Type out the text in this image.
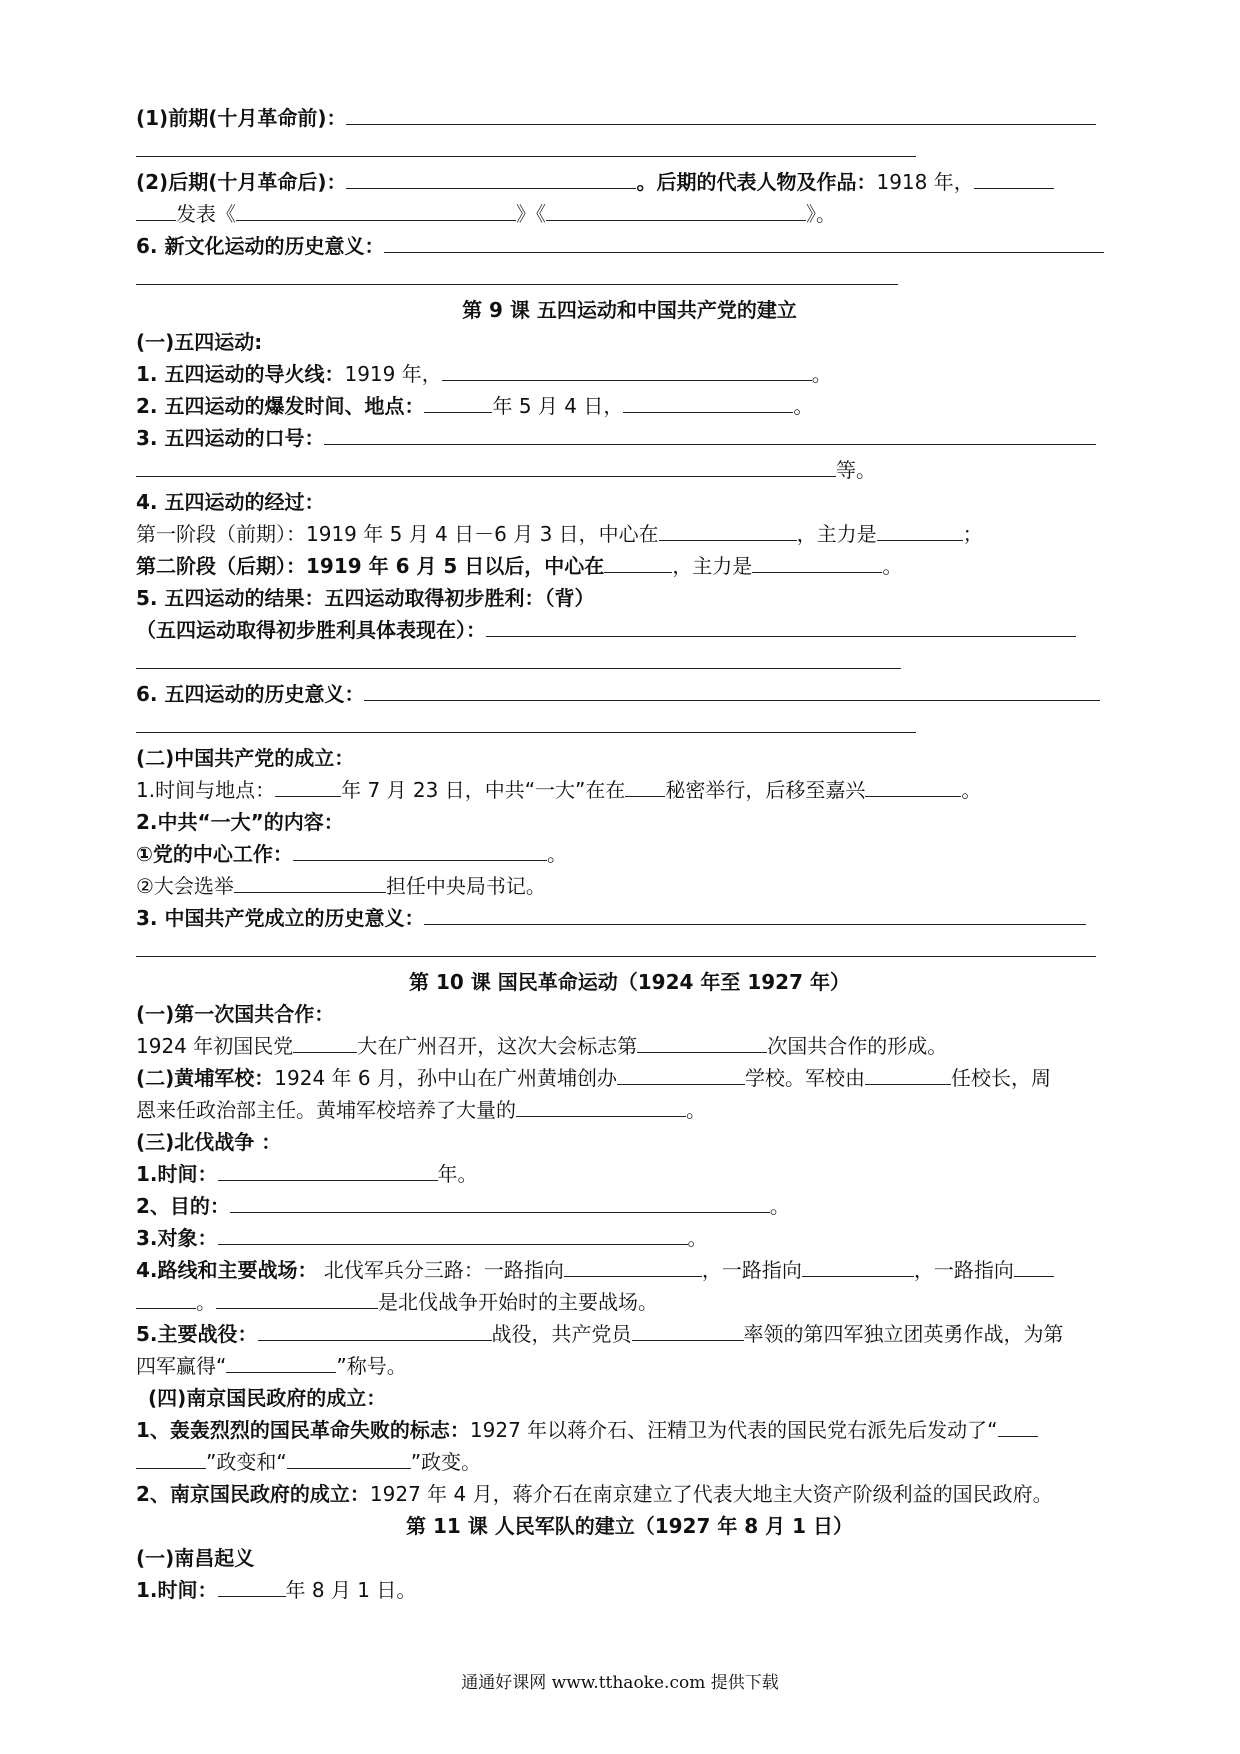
(1)前期(十月革命前)：
(2)后期(十月革命后)：	。后期的代表人物及作品：1918 年，
发表《	》《	》。
6. 新文化运动的历史意义：
第 9 课 五四运动和中国共产党的建立
(一)五四运动:
1. 五四运动的导火线：1919 年，	。
2. 五四运动的爆发时间、地点：	年 5 月 4 日，	。
3. 五四运动的口号：
等。
4. 五四运动的经过：
第一阶段（前期）：1919 年 5 月 4 日－6 月 3 日，中心在	，主力是	；
第二阶段（后期）：1919 年 6 月 5 日以后，中心在	，主力是	。
5. 五四运动的结果：五四运动取得初步胜利：（背）
（五四运动取得初步胜利具体表现在）：
6. 五四运动的历史意义：
(二)中国共产党的成立：
1.时间与地点：	年 7 月 23 日，中共“一大”在在 秘密举行，后移至嘉兴	。
2.中共“一大”的内容：
①党的中心工作：	。
②大会选举	担任中央局书记。
3. 中国共产党成立的历史意义：
第 10 课 国民革命运动（1924 年至 1927 年）
(一)第一次国共合作：
1924 年初国民党	大在广州召开，这次大会标志第	次国共合作的形成。
(二)黄埔军校：1924 年 6 月，孙中山在广州黄埔创办	学校。军校由	任校长，周
恩来任政治部主任。黄埔军校培养了大量的	。
(三)北伐战争 ：
1.时间：	年。
2、目的：	。
3.对象：	。
4.路线和主要战场： 北伐军兵分三路：一路指向	，一路指向	，一路指向
。	是北伐战争开始时的主要战场。
5.主要战役：	战役，共产党员	率领的第四军独立团英勇作战，为第
四军赢得“	”称号。
(四)南京国民政府的成立：
1、轰轰烈烈的国民革命失败的标志：1927 年以蒋介石、汪精卫为代表的国民党右派先后发动了“
”政变和“	”政变。
2、南京国民政府的成立：1927 年 4 月，蒋介石在南京建立了代表大地主大资产阶级利益的国民政府。
第 11 课 人民军队的建立（1927 年 8 月 1 日）
(一)南昌起义
1.时间：	年 8 月 1 日。
通通好课网 www.tthaoke.com 提供下载
